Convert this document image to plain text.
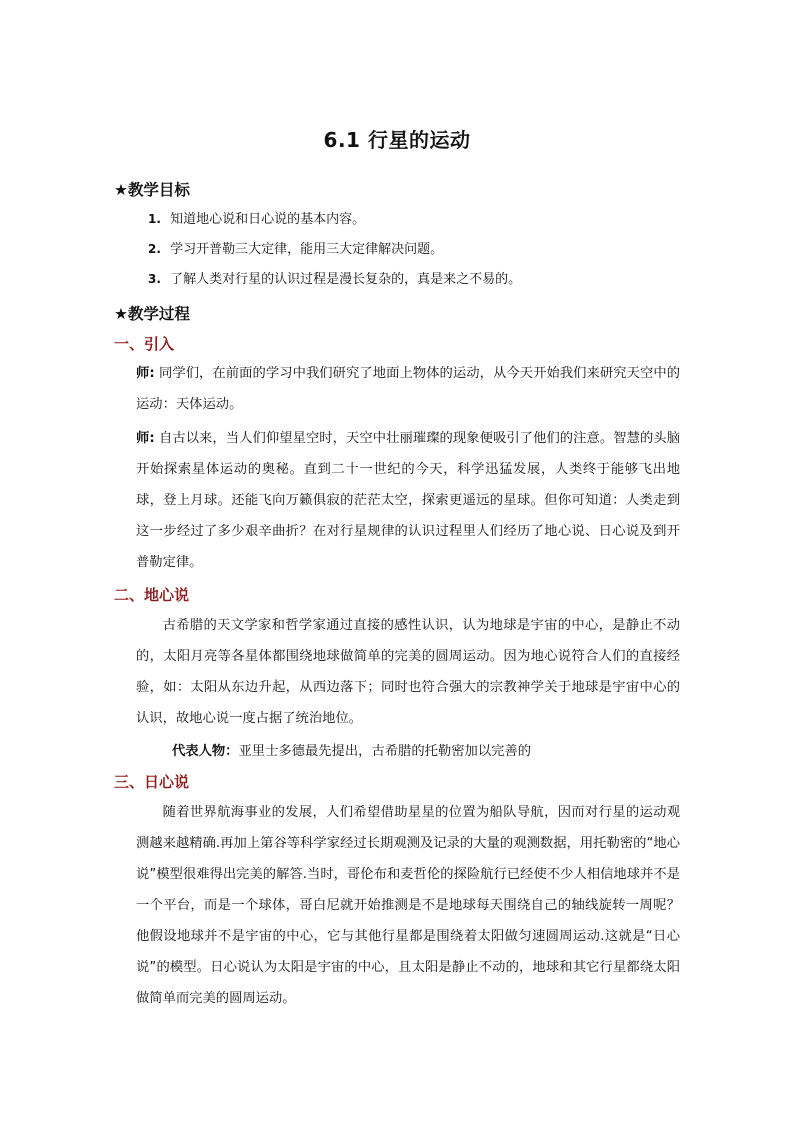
6.1 行星的运动
★教学目标
1. 知道地心说和日心说的基本内容。
2. 学习开普勒三大定律，能用三大定律解决问题。
3. 了解人类对行星的认识过程是漫长复杂的，真是来之不易的。
★教学过程
一、引入

师: 同学们，在前面的学习中我们研究了地面上物体的运动，从今天开始我们来研究天空中的运动：天体运动。

师: 自古以来，当人们仰望星空时，天空中壮丽璀璨的现象便吸引了他们的注意。智慧的头脑开始探索星体运动的奥秘。直到二十一世纪的今天，科学迅猛发展，人类终于能够飞出地球，登上月球。还能飞向万籁俱寂的茫茫太空，探索更遥远的星球。但你可知道：人类走到这一步经过了多少艰辛曲折？在对行星规律的认识过程里人们经历了地心说、日心说及到开普勒定律。

二、地心说

古希腊的天文学家和哲学家通过直接的感性认识，认为地球是宇宙的中心，是静止不动的，太阳月亮等各星体都围绕地球做简单的完美的圆周运动。因为地心说符合人们的直接经验，如：太阳从东边升起，从西边落下；同时也符合强大的宗教神学关于地球是宇宙中心的认识，故地心说一度占据了统治地位。

代表人物：亚里士多德最先提出，古希腊的托勒密加以完善的
三、日心说

随着世界航海事业的发展，人们希望借助星星的位置为船队导航，因而对行星的运动观测越来越精确.再加上第谷等科学家经过长期观测及记录的大量的观测数据，用托勒密的“地心说”模型很难得出完美的解答.当时，哥伦布和麦哲伦的探险航行已经使不少人相信地球并不是一个平台，而是一个球体，哥白尼就开始推测是不是地球每天围绕自己的轴线旋转一周呢？他假设地球并不是宇宙的中心，它与其他行星都是围绕着太阳做匀速圆周运动.这就是“日心说”的模型。日心说认为太阳是宇宙的中心，且太阳是静止不动的，地球和其它行星都绕太阳做简单而完美的圆周运动。
